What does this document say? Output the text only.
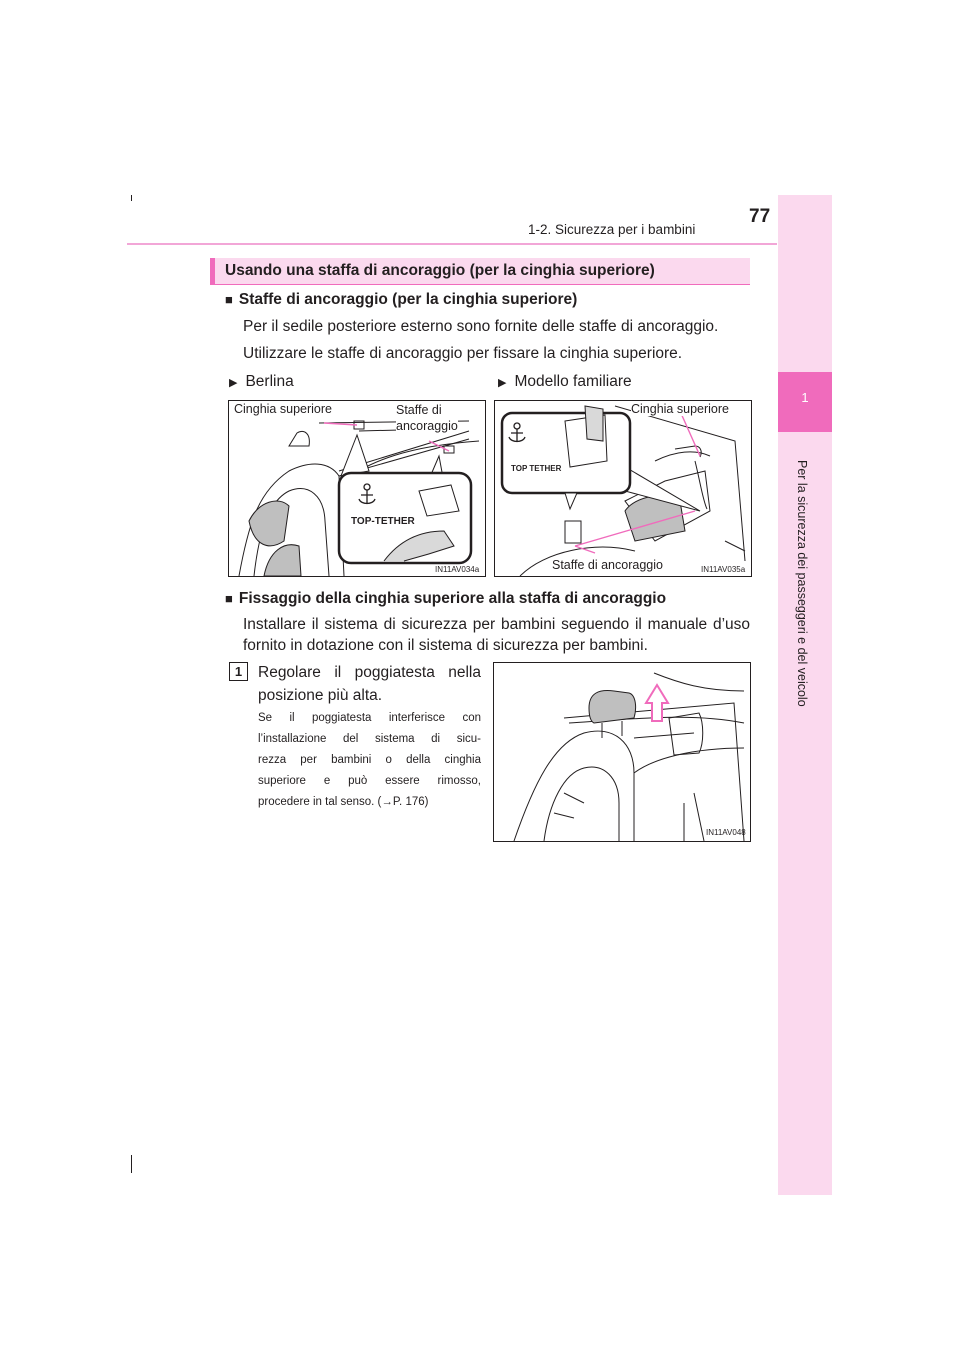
1
Per la sicurezza dei passeggeri e del veicolo
1-2. Sicurezza per i bambini
77
Usando una staffa di ancoraggio (per la cinghia superiore)
■ Staffe di ancoraggio (per la cinghia superiore)
Per il sedile posteriore esterno sono fornite delle staffe di ancoraggio.
Utilizzare le staffe di ancoraggio per fissare la cinghia superiore.
▶ Berlina	▶ Modello familiare
TOP-TETHER
Cinghia superiore	Staffe di
ancoraggio
IN11AV034a
TOP TETHER
Cinghia superiore
Staffe di ancoraggio	IN11AV035a
■ Fissaggio della cinghia superiore alla staffa di ancoraggio
Installare il sistema di sicurezza per bambini seguendo il manuale d’uso
fornito in dotazione con il sistema di sicurezza per bambini.
1	Regolare il poggiatesta nella
posizione più alta.
Se il poggiatesta interferisce con
l’installazione del sistema di sicu-
rezza per bambini o della cinghia
superiore e può essere rimosso,
procedere in tal senso. (→P. 176)
IN11AV048
